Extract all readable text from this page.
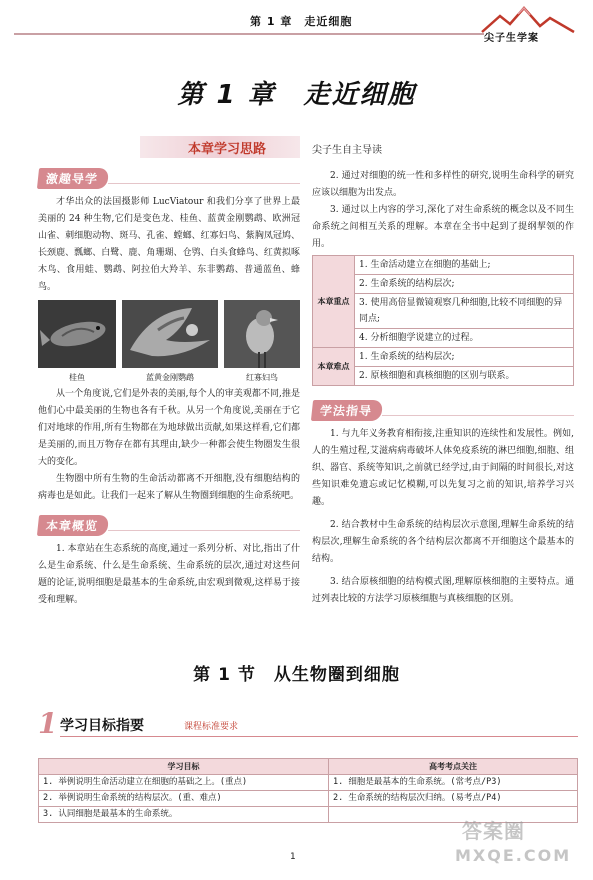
第 1 章　走近细胞
尖子生学案
第 1 章　走近细胞
本章学习思路	尖子生自主导读
激趣导学

才华出众的法国摄影师 LucViatour 和我们分享了世界上最美丽的 24 种生物,它们是变色龙、桂鱼、蓝黄金刚鹦鹉、欧洲冠山雀、刺细胞动物、斑马、孔雀、螳螂、红寡妇鸟、紫胸凤冠鸠、长颈鹿、瓢螂、白鹭、鹿、角珊瑚、仓鸮、白头食蜂鸟、红黄拟啄木鸟、食用蛙、鹦鹉、阿拉伯大羚羊、东非鹦鹉、普通蓝鱼、蜂鸟。

桂鱼	蓝黄金刚鹦鹉	红寡妇鸟

从一个角度说,它们是外表的美丽,每个人的审美观都不同,推是他们心中最美丽的生物也各有千秋。从另一个角度说,美丽在于它们对地球的作用,所有生物都在为地球做出贡献,如果这样看,它们都是美丽的,而且万物存在都有其理由,缺少一种都会使生物圈发生很大的变化。

生物圈中所有生物的生命活动都离不开细胞,没有细胞结构的病毒也是如此。让我们一起来了解从生物圈到细胞的生命系统吧。

本章概览

1. 本章站在生态系统的高度,通过一系列分析、对比,指出了什么是生命系统、什么是生命系统、生命系统的层次,通过对这些问题的论证,说明细胞是最基本的生命系统,由宏观到微观,这样易于接受和理解。

2. 通过对细胞的统一性和多样性的研究,说明生命科学的研究应该以细胞为出发点。

3. 通过以上内容的学习,深化了对生命系统的概念以及不同生命系统之间相互关系的理解。本章在全书中起到了提纲挈领的作用。

本章重点	1. 生命活动建立在细胞的基础上;
	2. 生命系统的结构层次;
	3. 使用高倍显微镜观察几种细胞,比较不同细胞的异同点;
	4. 分析细胞学说建立的过程。
本章难点	1. 生命系统的结构层次;
	2. 原核细胞和真核细胞的区别与联系。
学法指导

1. 与九年义务教育相衔接,注重知识的连续性和发展性。例如,人的生殖过程,艾滋病病毒破坏人体免疫系统的淋巴细胞,细胞、组织、器官、系统等知识,之前就已经学过,由于间隔的时间很长,对这些知识难免遗忘或记忆模糊,可以先复习之前的知识,培养学习兴趣。

2. 结合教材中生命系统的结构层次示意图,理解生命系统的结构层次,理解生命系统的各个结构层次都离不开细胞这个最基本的结构。

3. 结合原核细胞的结构模式图,理解原核细胞的主要特点。通过列表比较的方法学习原核细胞与真核细胞的区别。

第 1 节　从生物圈到细胞
1 学习目标指要	课程标准要求
学习目标	高考考点关注
1. 举例说明生命活动建立在细胞的基础之上。(重点)	1. 细胞是最基本的生命系统。(常考点/P3)
2. 举例说明生命系统的结构层次。(重、难点)	2. 生命系统的结构层次归纳。(易考点/P4)
3. 认同细胞是最基本的生命系统。	
1
答案圈
MXQE.COM
